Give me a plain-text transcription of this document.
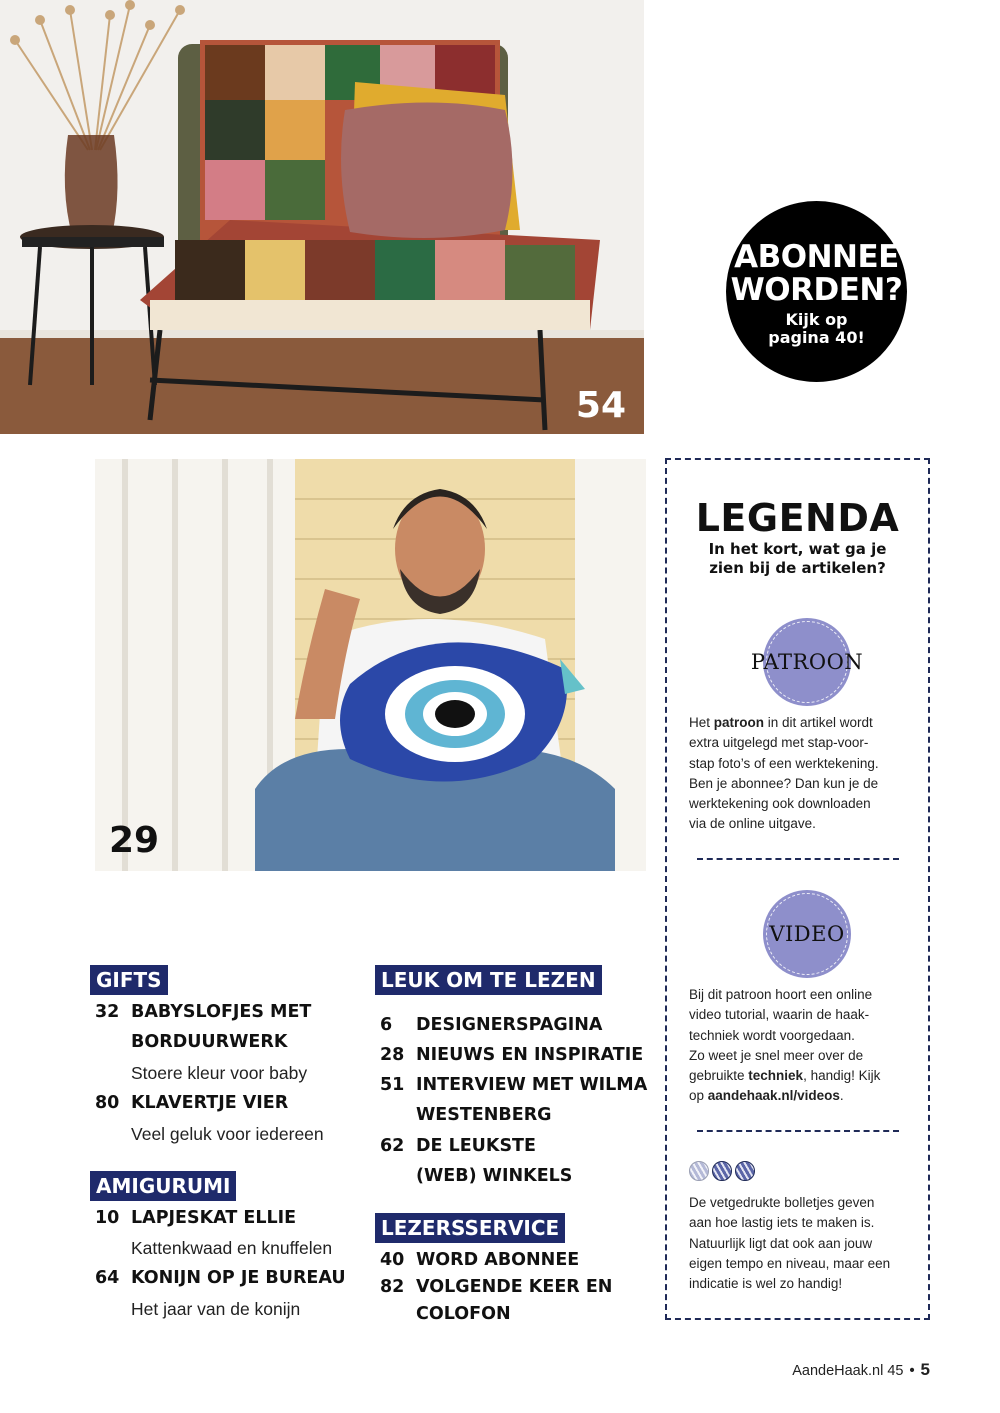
54
ABONNEE
WORDEN?
Kijk op
pagina 40!
29
LEGENDA
In het kort, wat ga je
zien bij de artikelen?
PATROON
Het patroon in dit artikel wordt
extra uitgelegd met stap-voor-
stap foto’s of een werktekening.
Ben je abonnee? Dan kun je de
werktekening ook downloaden
via de online uitgave.
VIDEO
Bij dit patroon hoort een online
video tutorial, waarin de haak-
techniek wordt voorgedaan.
Zo weet je snel meer over de
gebruikte techniek, handig! Kijk
op aandehaak.nl/videos.
De vetgedrukte bolletjes geven
aan hoe lastig iets te maken is.
Natuurlijk ligt dat ook aan jouw
eigen tempo en niveau, maar een
indicatie is wel zo handig!
GIFTS
32 BABYSLOFJES MET
BORDUURWERK
Stoere kleur voor baby
80 KLAVERTJE VIER
Veel geluk voor iedereen
AMIGURUMI
10 LAPJESKAT ELLIE
Kattenkwaad en knuffelen
64 KONIJN OP JE BUREAU
Het jaar van de konijn
LEUK OM TE LEZEN
6 DESIGNERSPAGINA
28 NIEUWS EN INSPIRATIE
51 INTERVIEW MET WILMA
WESTENBERG
62 DE LEUKSTE
(WEB) WINKELS
LEZERSSERVICE
40 WORD ABONNEE
82 VOLGENDE KEER EN
COLOFON
AandeHaak.nl 45 • 5
